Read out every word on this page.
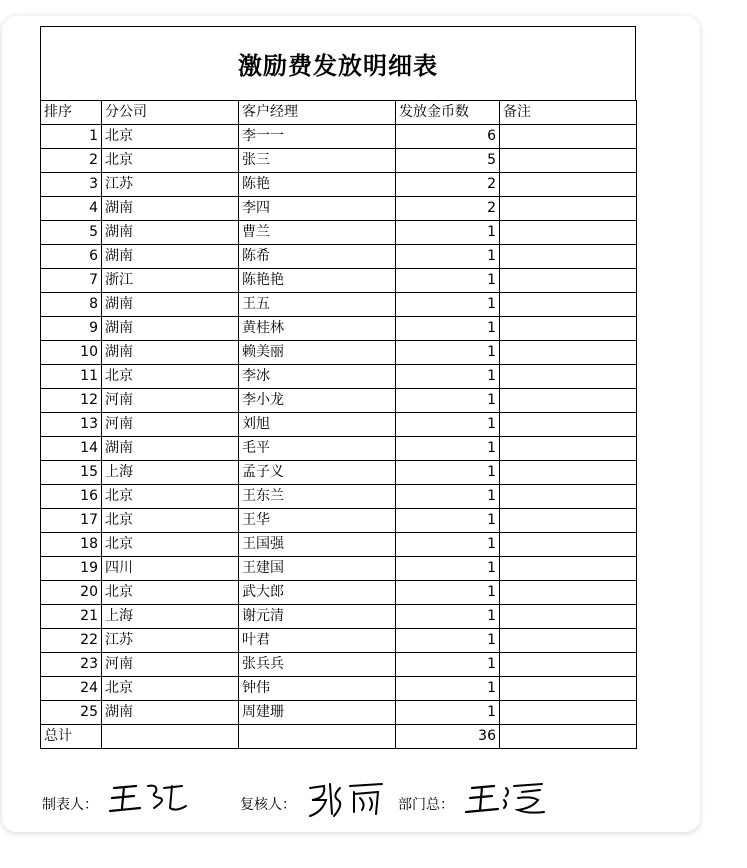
激励费发放明细表
排序	分公司	客户经理	发放金币数	备注
1	北京	李一一	6	
2	北京	张三	5	
3	江苏	陈艳	2	
4	湖南	李四	2	
5	湖南	曹兰	1	
6	湖南	陈希	1	
7	浙江	陈艳艳	1	
8	湖南	王五	1	
9	湖南	黄桂林	1	
10	湖南	赖美丽	1	
11	北京	李冰	1	
12	河南	李小龙	1	
13	河南	刘旭	1	
14	湖南	毛平	1	
15	上海	孟子义	1	
16	北京	王东兰	1	
17	北京	王华	1	
18	北京	王国强	1	
19	四川	王建国	1	
20	北京	武大郎	1	
21	上海	谢元清	1	
22	江苏	叶君	1	
23	河南	张兵兵	1	
24	北京	钟伟	1	
25	湖南	周建珊	1	
总计			36	
制表人：	复核人：	部门总：
